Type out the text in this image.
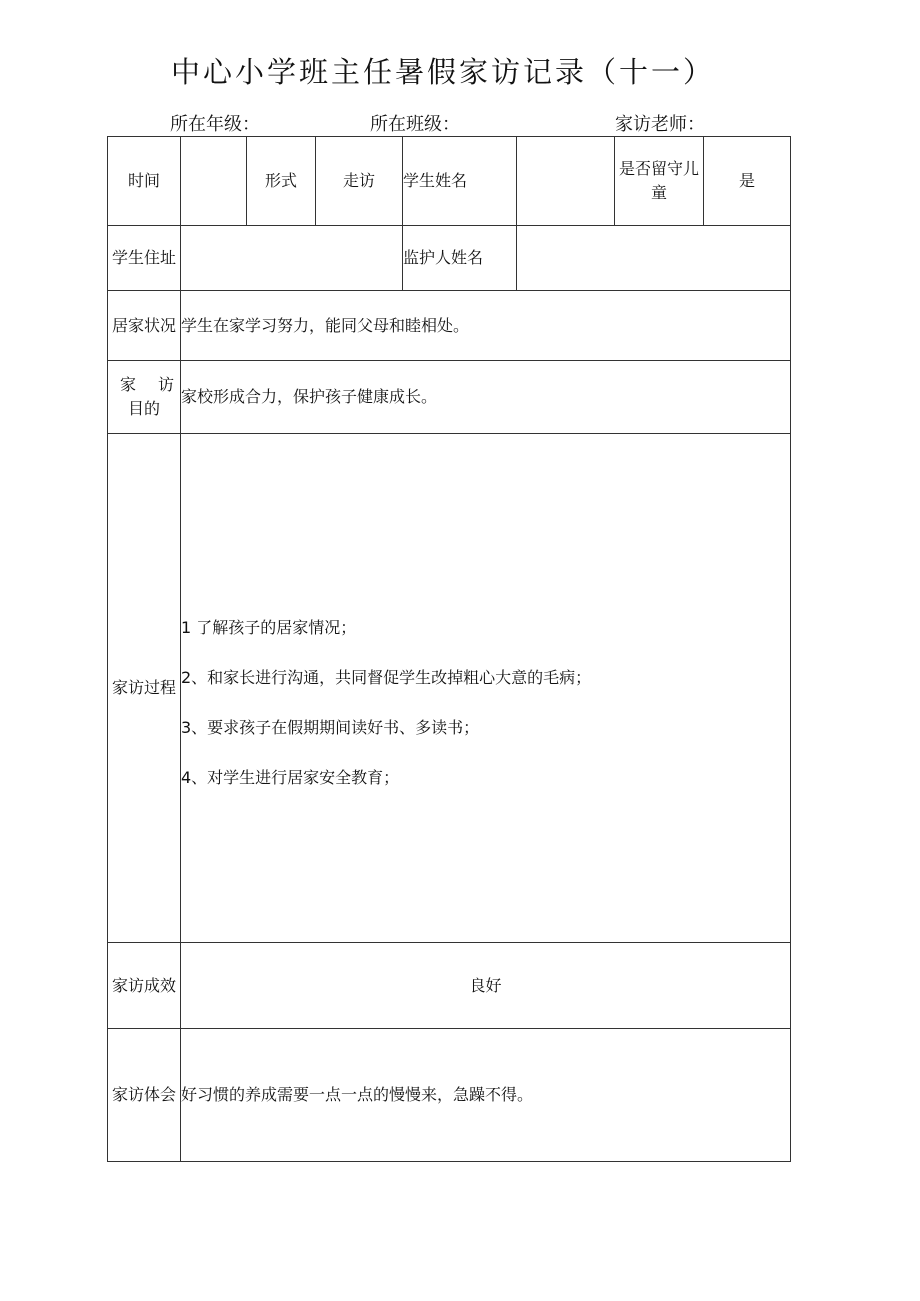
中心小学班主任暑假家访记录（十一）
所在年级：	所在班级：	家访老师：
时间		形式	走访	学生姓名		是否留守儿童	是
学生住址				监护人姓名			
居家状况	学生在家学习努力，能同父母和睦相处。						

家 访
目的	家校形成合力，保护孩子健康成长。						
家访过程	1 了解孩子的居家情况；
2、和家长进行沟通，共同督促学生改掉粗心大意的毛病；
3、要求孩子在假期期间读好书、多读书；
4、对学生进行居家安全教育；						

家访成效	良好						
家访体会	好习惯的养成需要一点一点的慢慢来，急躁不得。						
